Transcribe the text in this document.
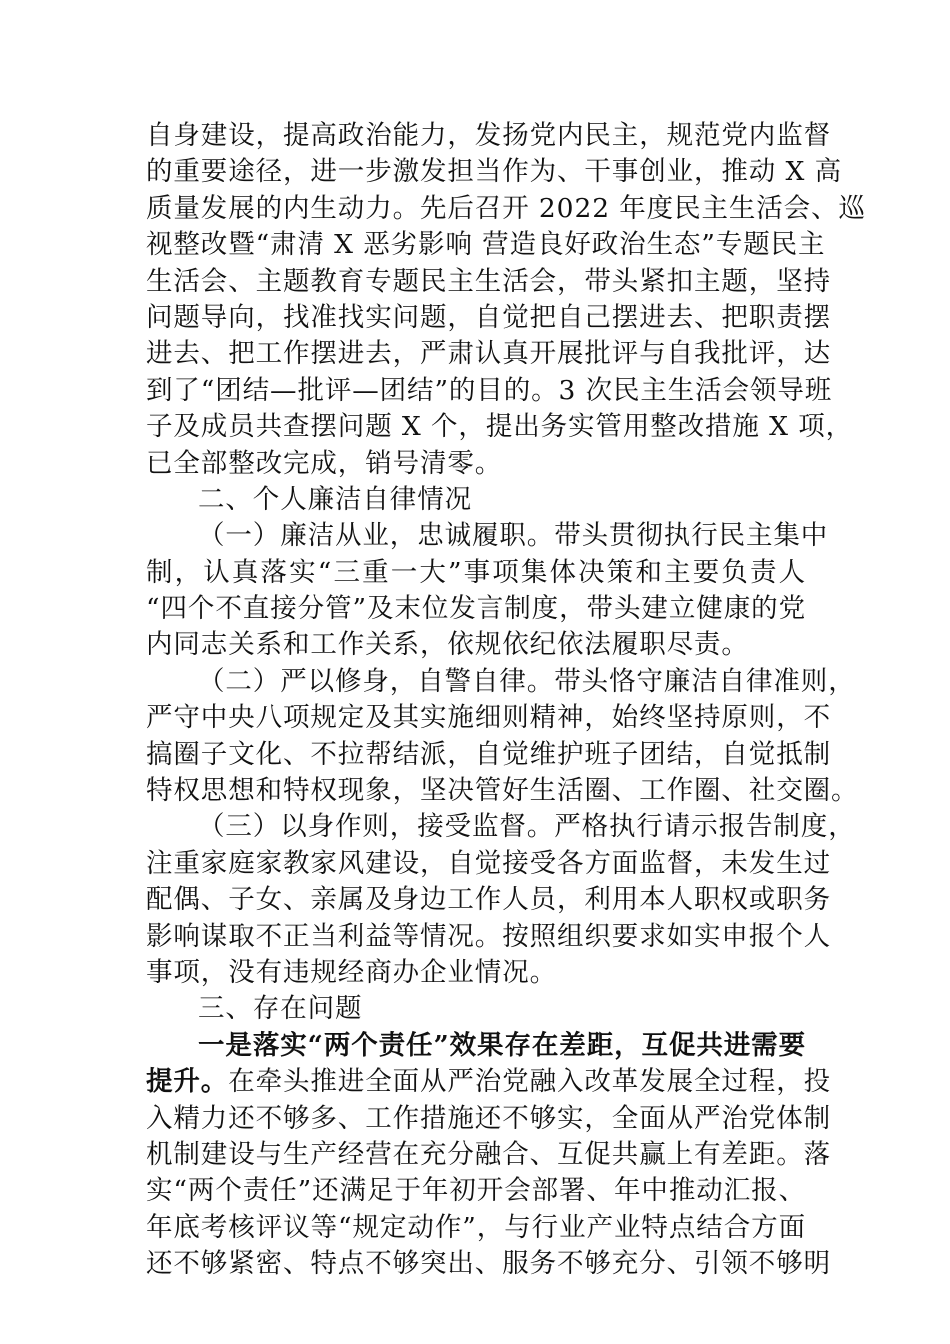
自身建设，提高政治能力，发扬党内民主，规范党内监督
的重要途径，进一步激发担当作为、干事创业，推动 X 高
质量发展的内生动力。先后召开 2022 年度民主生活会、巡
视整改暨“肃清 X 恶劣影响 营造良好政治生态”专题民主
生活会、主题教育专题民主生活会，带头紧扣主题，坚持
问题导向，找准找实问题，自觉把自己摆进去、把职责摆
进去、把工作摆进去，严肃认真开展批评与自我批评，达
到了“团结—批评—团结”的目的。3 次民主生活会领导班
子及成员共查摆问题 X 个，提出务实管用整改措施 X 项，
已全部整改完成，销号清零。
二、个人廉洁自律情况
（一）廉洁从业，忠诚履职。带头贯彻执行民主集中
制，认真落实“三重一大”事项集体决策和主要负责人
“四个不直接分管”及末位发言制度，带头建立健康的党
内同志关系和工作关系，依规依纪依法履职尽责。
（二）严以修身，自警自律。带头恪守廉洁自律准则，
严守中央八项规定及其实施细则精神，始终坚持原则，不
搞圈子文化、不拉帮结派，自觉维护班子团结，自觉抵制
特权思想和特权现象，坚决管好生活圈、工作圈、社交圈。
（三）以身作则，接受监督。严格执行请示报告制度，
注重家庭家教家风建设，自觉接受各方面监督，未发生过
配偶、子女、亲属及身边工作人员，利用本人职权或职务
影响谋取不正当利益等情况。按照组织要求如实申报个人
事项，没有违规经商办企业情况。
三、存在问题
一是落实“两个责任”效果存在差距，互促共进需要
提升。在牵头推进全面从严治党融入改革发展全过程，投
入精力还不够多、工作措施还不够实，全面从严治党体制
机制建设与生产经营在充分融合、互促共赢上有差距。落
实“两个责任”还满足于年初开会部署、年中推动汇报、
年底考核评议等“规定动作”，与行业产业特点结合方面
还不够紧密、特点不够突出、服务不够充分、引领不够明
